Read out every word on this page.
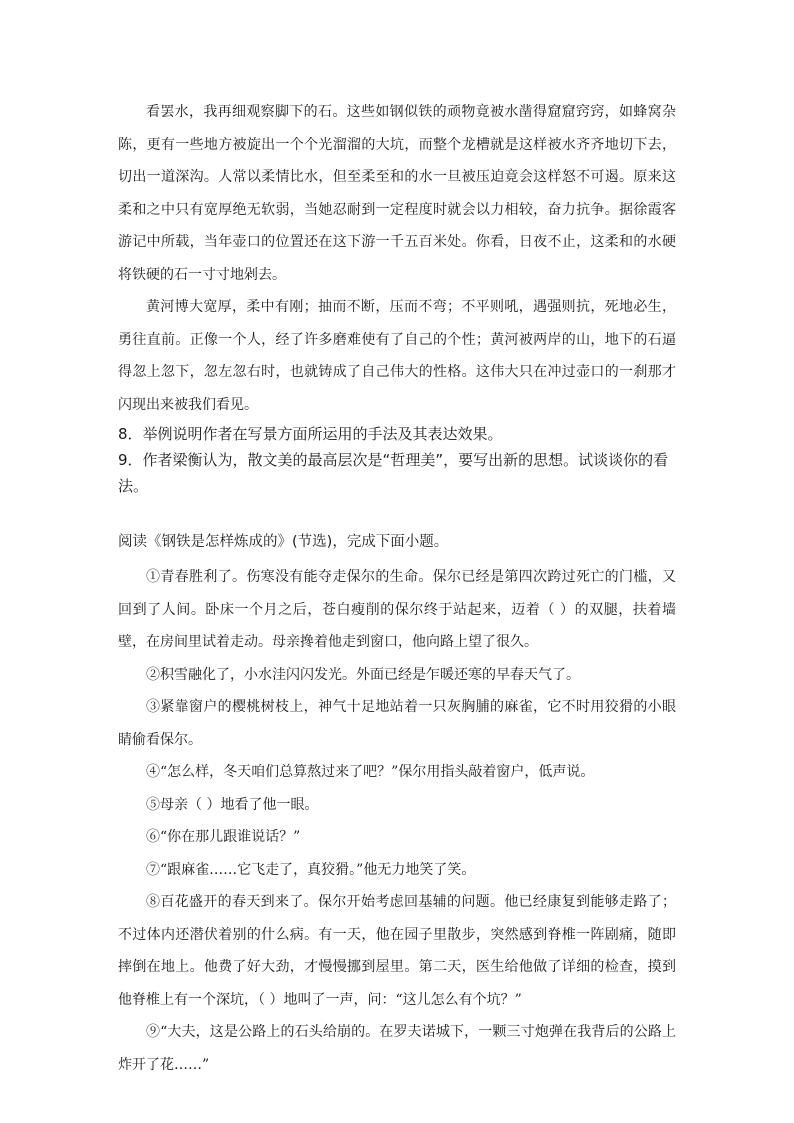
看罢水，我再细观察脚下的石。这些如钢似铁的顽物竟被水凿得窟窟窍窍，如蜂窝杂陈，更有一些地方被旋出一个个光溜溜的大坑，而整个龙槽就是这样被水齐齐地切下去，切出一道深沟。人常以柔情比水，但至柔至和的水一旦被压迫竟会这样怒不可遏。原来这柔和之中只有宽厚绝无软弱，当她忍耐到一定程度时就会以力相较，奋力抗争。据徐霞客游记中所载，当年壶口的位置还在这下游一千五百米处。你看，日夜不止，这柔和的水硬将铁硬的石一寸寸地剁去。

黄河博大宽厚，柔中有刚；抽而不断，压而不弯；不平则吼，遇强则抗，死地必生，勇往直前。正像一个人，经了许多磨难使有了自己的个性；黄河被两岸的山，地下的石逼得忽上忽下，忽左忽右时，也就铸成了自己伟大的性格。这伟大只在冲过壶口的一刹那才闪现出来被我们看见。

8．举例说明作者在写景方面所运用的手法及其表达效果。

9．作者梁衡认为，散文美的最高层次是“哲理美”，要写出新的思想。试谈谈你的看法。

阅读《钢铁是怎样炼成的》(节选)，完成下面小题。

①青春胜利了。伤寒没有能夺走保尔的生命。保尔已经是第四次跨过死亡的门槛，又回到了人间。卧床一个月之后，苍白瘦削的保尔终于站起来，迈着（ ）的双腿，扶着墙壁，在房间里试着走动。母亲搀着他走到窗口，他向路上望了很久。

②积雪融化了，小水洼闪闪发光。外面已经是乍暖还寒的早春天气了。

③紧靠窗户的樱桃树枝上，神气十足地站着一只灰胸脯的麻雀，它不时用狡猾的小眼睛偷看保尔。

④“怎么样，冬天咱们总算熬过来了吧？”保尔用指头敲着窗户，低声说。

⑤母亲（ ）地看了他一眼。

⑥“你在那儿跟谁说话？”

⑦“跟麻雀……它飞走了，真狡猾。”他无力地笑了笑。

⑧百花盛开的春天到来了。保尔开始考虑回基辅的问题。他已经康复到能够走路了；不过体内还潜伏着别的什么病。有一天，他在园子里散步，突然感到脊椎一阵剧痛，随即摔倒在地上。他费了好大劲，才慢慢挪到屋里。第二天，医生给他做了详细的检查，摸到他脊椎上有一个深坑，（ ）地叫了一声，问：“这儿怎么有个坑？”

⑨“大夫，这是公路上的石头给崩的。在罗夫诺城下，一颗三寸炮弹在我背后的公路上炸开了花……”
